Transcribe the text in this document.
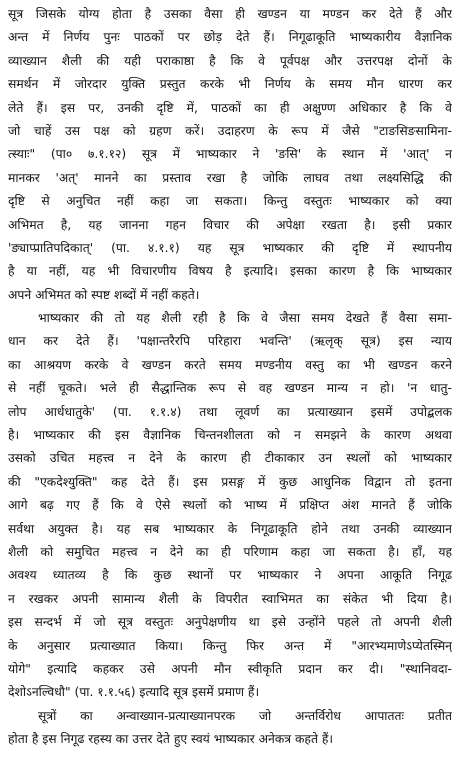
सूत्र जिसके योग्य होता है उसका वैसा ही खण्डन या मण्डन कर देते हैं और
अन्त में निर्णय पुनः पाठकों पर छोड़ देते हैं। निगूढाकूति भाष्यकारीय वैज्ञानिक
व्याख्यान शैली की यही पराकाष्ठा है कि वे पूर्वपक्ष और उत्तरपक्ष दोनों के
समर्थन में जोरदार युक्ति प्रस्तुत करके भी निर्णय के समय मौन धारण कर
लेते हैं। इस पर, उनकी दृष्टि में, पाठकों का ही अक्षुण्ण अधिकार है कि वे
जो चाहें उस पक्ष को ग्रहण करें। उदाहरण के रूप में जैसे "टाङसिङसामिना-
त्स्याः" (पा० ७.१.१२) सूत्र में भाष्यकार ने 'ङसि' के स्थान में 'आत्' न
मानकर 'अत्' मानने का प्रस्ताव रखा है जोकि लाघव तथा लक्ष्यसिद्धि की
दृष्टि से अनुचित नहीं कहा जा सकता। किन्तु वस्तुतः भाष्यकार को क्या
अभिमत है, यह जानना गहन विचार की अपेक्षा रखता है। इसी प्रकार
'ङ्याप्प्रातिपदिकात्' (पा. ४.१.१) यह सूत्र भाष्यकार की दृष्टि में स्थापनीय
है या नहीं, यह भी विचारणीय विषय है इत्यादि। इसका कारण है कि भाष्यकार
अपने अभिमत को स्पष्ट शब्दों में नहीं कहते।
भाष्यकार की तो यह शैली रही है कि वे जैसा समय देखते हैं वैसा समा-
धान कर देते हैं। 'पक्षान्तरैरपि परिहारा भवन्ति' (ऋलृक् सूत्र) इस न्याय
का आश्रयण करके वे खण्डन करते समय मण्डनीय वस्तु का भी खण्डन करने
से नहीं चूकते। भले ही सैद्धान्तिक रूप से वह खण्डन मान्य न हो। 'न धातु-
लोप आर्धधातुके' (पा. १.१.४) तथा लूवर्ण का प्रत्याख्यान इसमें उपोद्बलक
है। भाष्यकार की इस वैज्ञानिक चिन्तनशीलता को न समझने के कारण अथवा
उसको उचित महत्त्व न देने के कारण ही टीकाकार उन स्थलों को भाष्यकार
की "एकदेश्युक्ति" कह देते हैं। इस प्रसङ्ग में कुछ आधुनिक विद्वान तो इतना
आगे बढ़ गए हैं कि वे ऐसे स्थलों को भाष्य में प्रक्षिप्त अंश मानते हैं जोकि
सर्वथा अयुक्त है। यह सब भाष्यकार के निगूढाकूति होने तथा उनकी व्याख्यान
शैली को समुचित महत्त्व न देने का ही परिणाम कहा जा सकता है। हाँ, यह
अवश्य ध्यातव्य है कि कुछ स्थानों पर भाष्यकार ने अपना आकूति निगूढ
न रखकर अपनी सामान्य शैली के विपरीत स्वाभिमत का संकेत भी दिया है।
इस सन्दर्भ में जो सूत्र वस्तुतः अनुपेक्षणीय था इसे उन्होंने पहले तो अपनी शैली
के अनुसार प्रत्याख्यात किया। किन्तु फिर अन्त में "आरभ्यमाणेऽप्येतस्मिन्
योगे" इत्यादि कहकर उसे अपनी मौन स्वीकृति प्रदान कर दी। "स्थानिवदा-
देशोऽनल्विधौ" (पा. १.१.५६) इत्यादि सूत्र इसमें प्रमाण हैं।
सूत्रों का अन्वाख्यान-प्रत्याख्यानपरक जो अन्तर्विरोध आपाततः प्रतीत
होता है इस निगूढ रहस्य का उत्तर देते हुए स्वयं भाष्यकार अनेकत्र कहते हैं।
